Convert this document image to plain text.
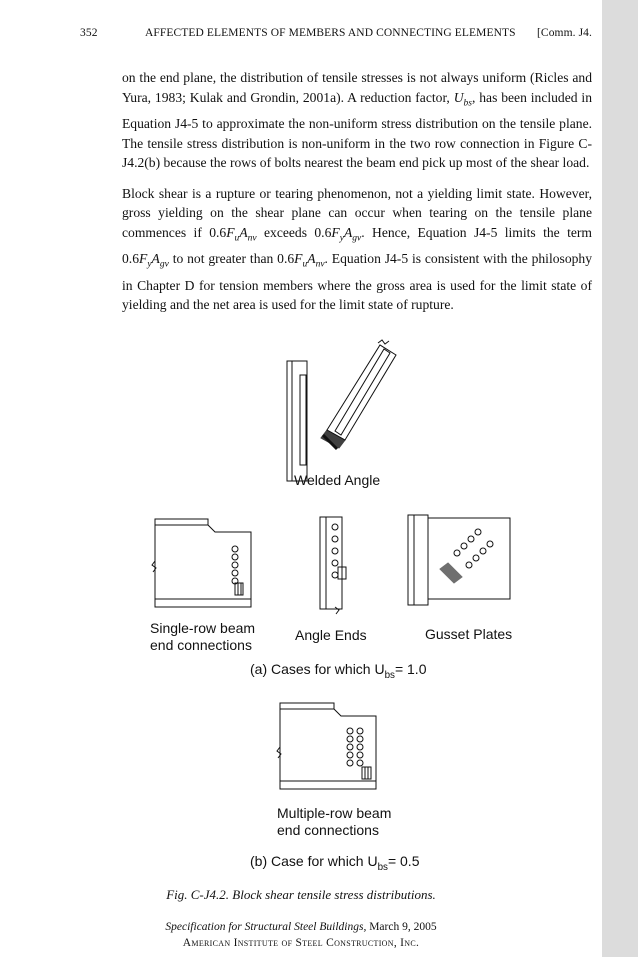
352	AFFECTED ELEMENTS OF MEMBERS AND CONNECTING ELEMENTS [Comm. J4.

on the end plane, the distribution of tensile stresses is not always uniform (Ricles and Yura, 1983; Kulak and Grondin, 2001a). A reduction factor, $U_{bs}$, has been included in Equation J4-5 to approximate the non-uniform stress distribution on the tensile plane. The tensile stress distribution is non-uniform in the two row connection in Figure C-J4.2(b) because the rows of bolts nearest the beam end pick up most of the shear load.

Block shear is a rupture or tearing phenomenon, not a yielding limit state. However, gross yielding on the shear plane can occur when tearing on the tensile plane commences if $0.6F_uA_{nv}$ exceeds $0.6F_yA_{gv}$. Hence, Equation J4-5 limits the term $0.6F_yA_{gv}$ to not greater than $0.6F_uA_{nv}$. Equation J4-5 is consistent with the philosophy in Chapter D for tension members where the gross area is used for the limit state of yielding and the net area is used for the limit state of rupture.

Welded Angle
Single-row beam
end connections
Angle Ends	Gusset Plates
(a) Cases for which $U_{bs}= 1.0$
Multiple-row beam
end connections
(b) Case for which $U_{bs}= 0.5$
Fig. C-J4.2. Block shear tensile stress distributions.
Specification for Structural Steel Buildings, March 9, 2005
American Institute of Steel Construction, Inc.
